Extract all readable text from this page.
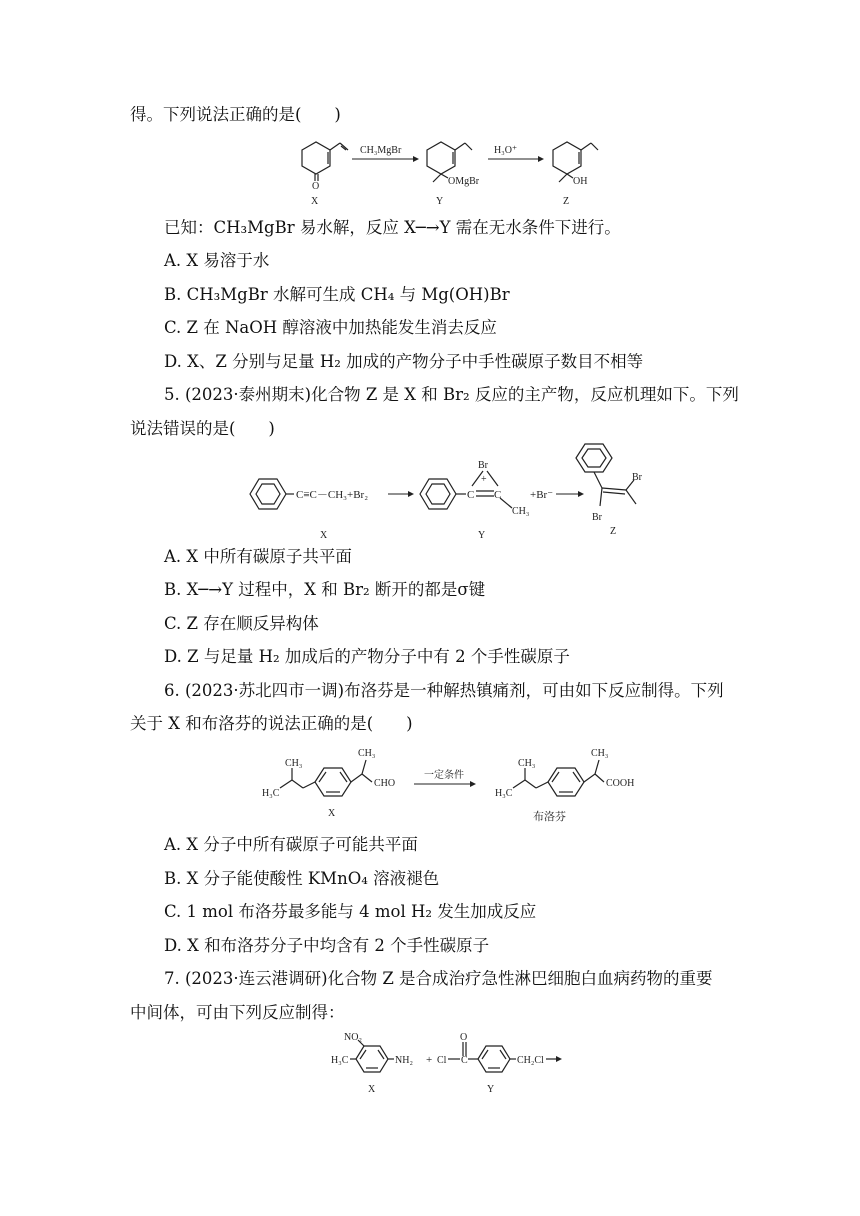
得。下列说法正确的是(　　)
O
X
CH₃MgBr
OMgBr
Y
H₃O⁺
OH
Z
已知：CH₃MgBr 易水解，反应 X─→Y 需在无水条件下进行。
A. X 易溶于水
B. CH₃MgBr 水解可生成 CH₄ 与 Mg(OH)Br
C. Z 在 NaOH 醇溶液中加热能发生消去反应
D. X、Z 分别与足量 H₂ 加成的产物分子中手性碳原子数目不相等
5. (2023·泰州期末)化合物 Z 是 X 和 Br₂ 反应的主产物，反应机理如下。下列
说法错误的是(　　)
C≡C－CH₃+Br₂
X
C C
Br
+
CH₃
Y
+Br⁻
Br
Br
Z
A. X 中所有碳原子共平面
B. X─→Y 过程中，X 和 Br₂ 断开的都是σ键
C. Z 存在顺反异构体
D. Z 与足量 H₂ 加成后的产物分子中有 2 个手性碳原子
6. (2023·苏北四市一调)布洛芬是一种解热镇痛剂，可由如下反应制得。下列
关于 X 和布洛芬的说法正确的是(　　)
CH₃
CH₃
H₃C
CHO
X
一定条件
CH₃
CH₃
H₃C
COOH
布洛芬
A. X 分子中所有碳原子可能共平面
B. X 分子能使酸性 KMnO₄ 溶液褪色
C. 1 mol 布洛芬最多能与 4 mol H₂ 发生加成反应
D. X 和布洛芬分子中均含有 2 个手性碳原子
7. (2023·连云港调研)化合物 Z 是合成治疗急性淋巴细胞白血病药物的重要
中间体，可由下列反应制得：
NO₂
H₃C	NH₂
X
+
O
Cl C	CH₂Cl
Y
